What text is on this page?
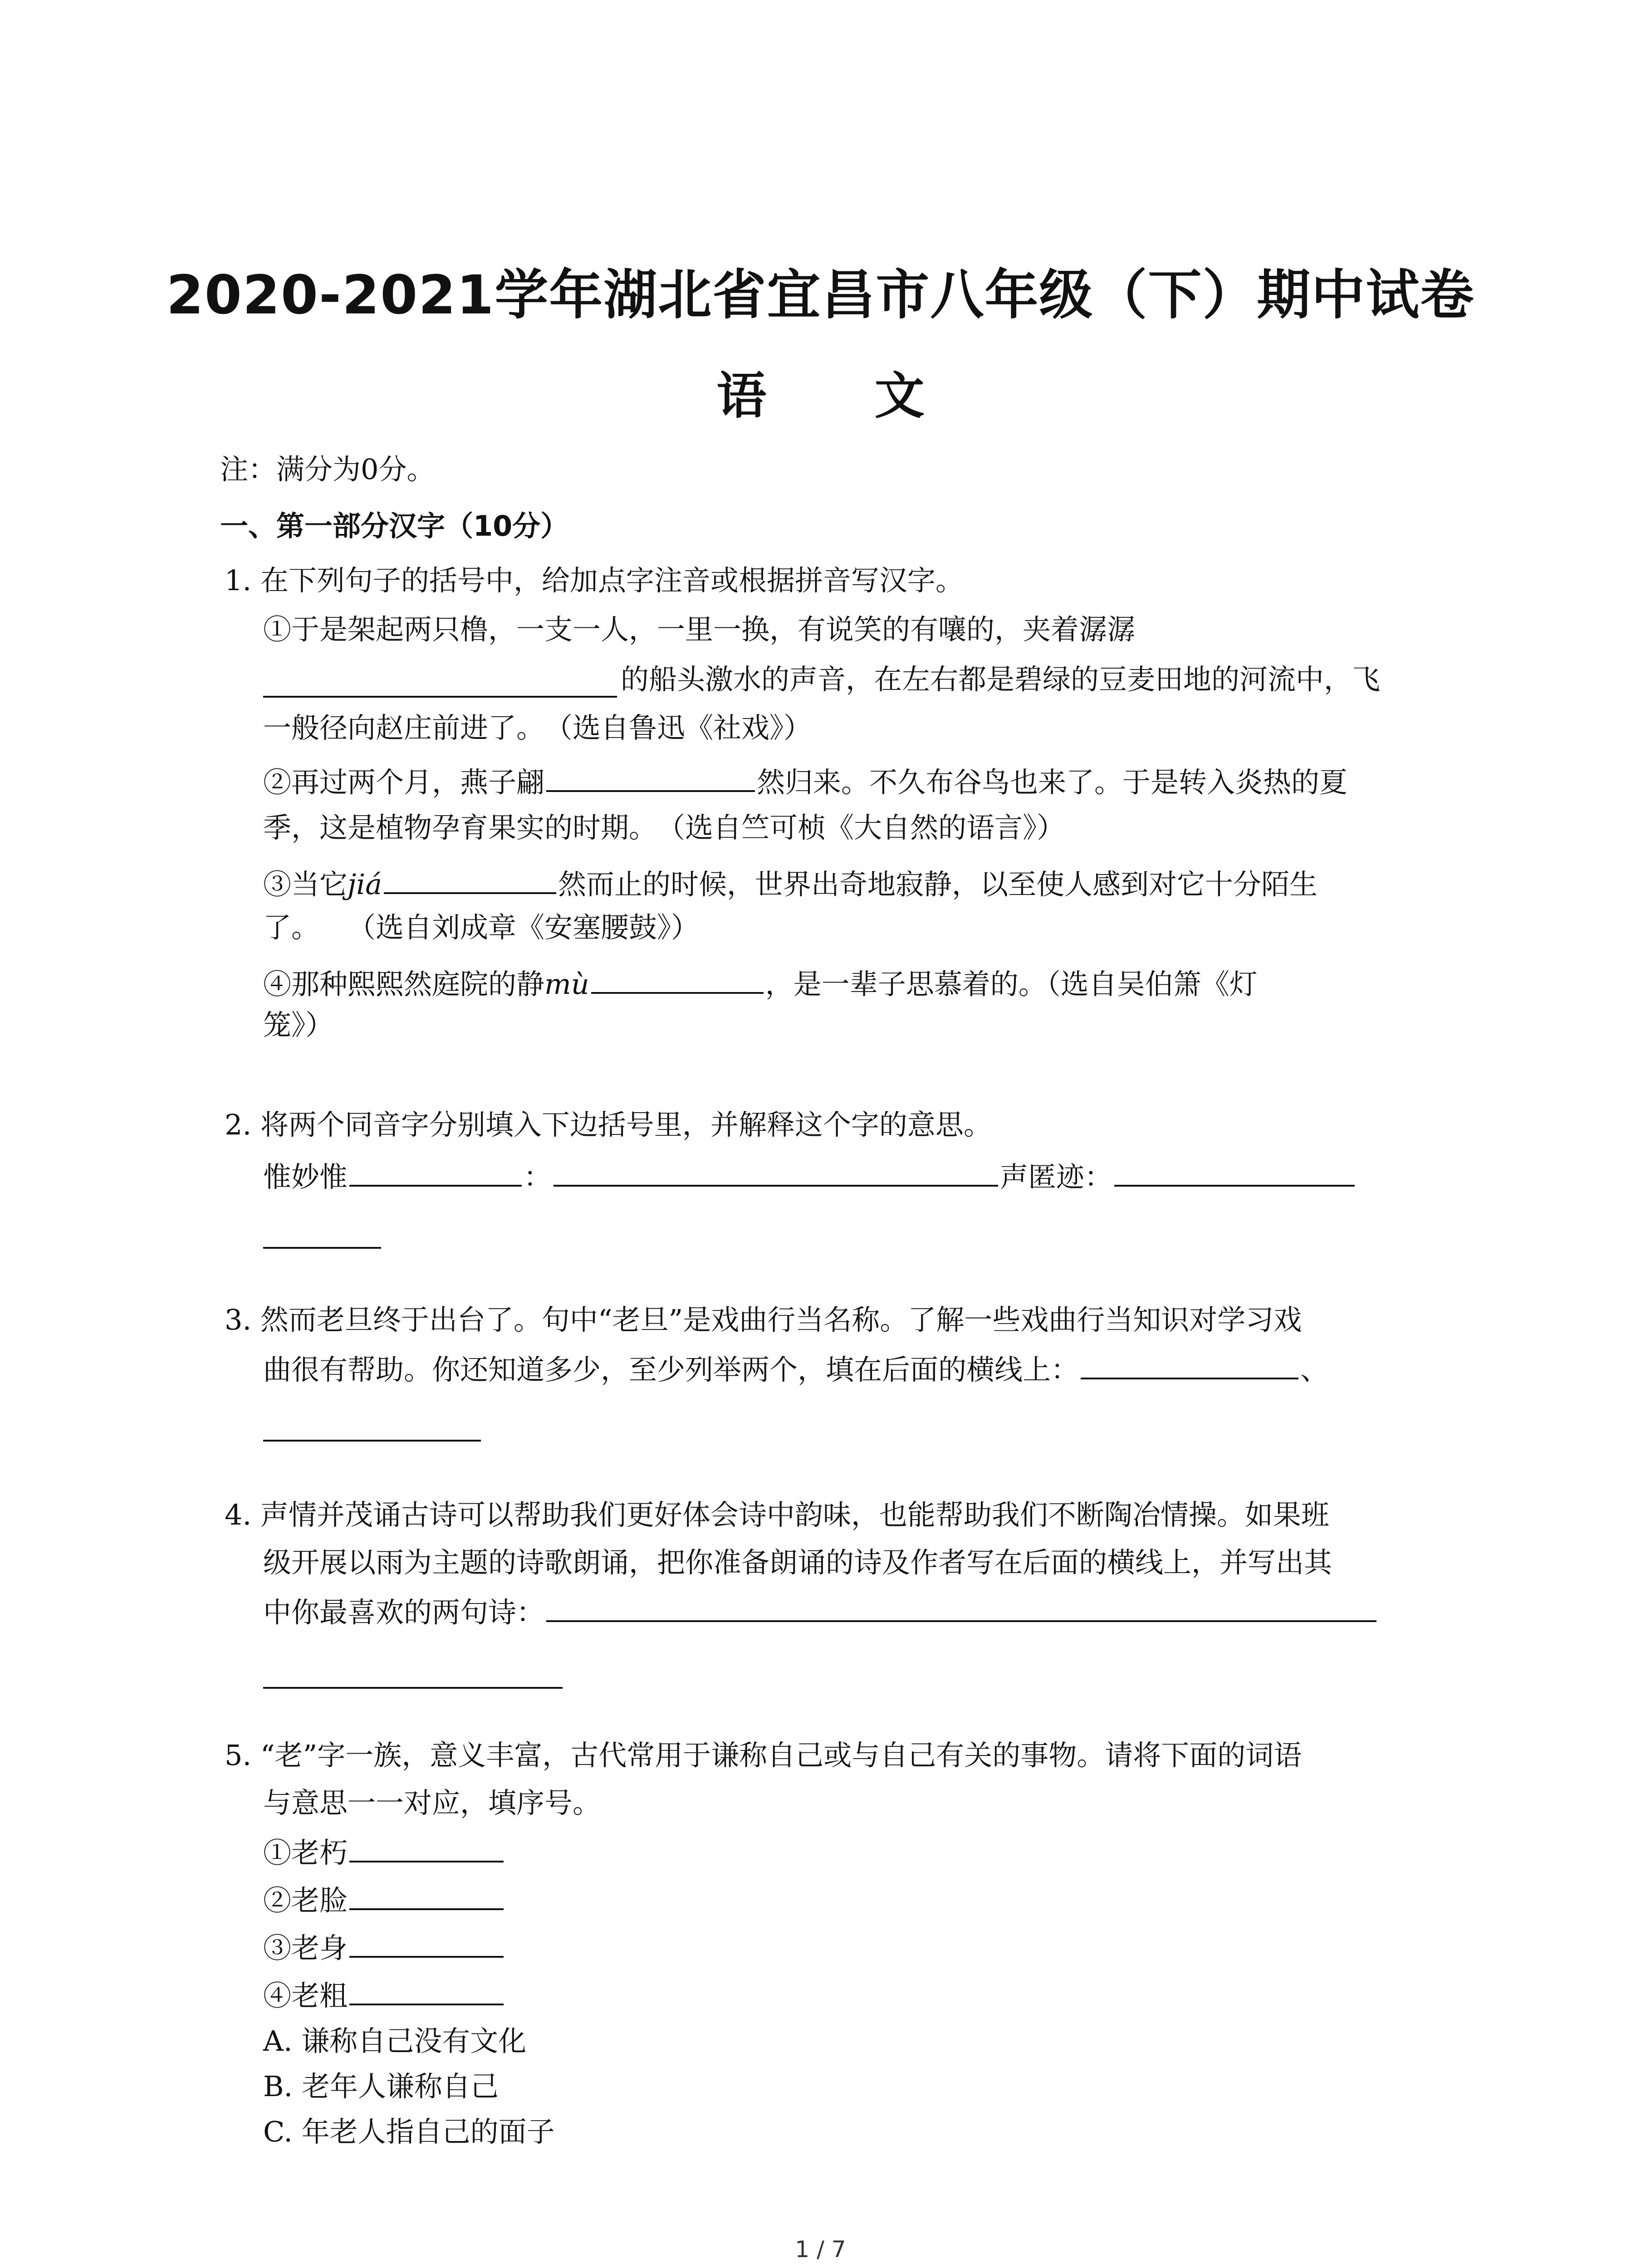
2020-2021学年湖北省宜昌市八年级（下）期中试卷
语 文
注：满分为0分。
一、第一部分汉字（10分）
1. 在下列句子的括号中，给加点字注音或根据拼音写汉字。
①于是架起两只橹，一支一人，一里一换，有说笑的有嚷的，夹着潺潺
的船头激水的声音，在左右都是碧绿的豆麦田地的河流中，飞
一般径向赵庄前进了。　（选自鲁迅《社戏》）
②再过两个月，燕子翩	然归来。不久布谷鸟也来了。于是转入炎热的夏
季，这是植物孕育果实的时期。　（选自竺可桢《大自然的语言》）
③当它jiá	然而止的时候，世界出奇地寂静，以至使人感到对它十分陌生
了。　　（选自刘成章《安塞腰鼓》）
④那种熙熙然庭院的静mù	，是一辈子思慕着的。（选自吴伯箫《灯
笼》）
2. 将两个同音字分别填入下边括号里，并解释这个字的意思。
惟妙惟	：	声匿迹：
3. 然而老旦终于出台了。句中“老旦”是戏曲行当名称。了解一些戏曲行当知识对学习戏
曲很有帮助。你还知道多少，至少列举两个，填在后面的横线上：	、
4. 声情并茂诵古诗可以帮助我们更好体会诗中韵味，也能帮助我们不断陶冶情操。如果班
级开展以雨为主题的诗歌朗诵，把你准备朗诵的诗及作者写在后面的横线上，并写出其
中你最喜欢的两句诗：
5. “老”字一族，意义丰富，古代常用于谦称自己或与自己有关的事物。请将下面的词语
与意思一一对应，填序号。
①老朽
②老脸
③老身
④老粗
A. 谦称自己没有文化
B. 老年人谦称自己
C. 年老人指自己的面子
1 / 7
